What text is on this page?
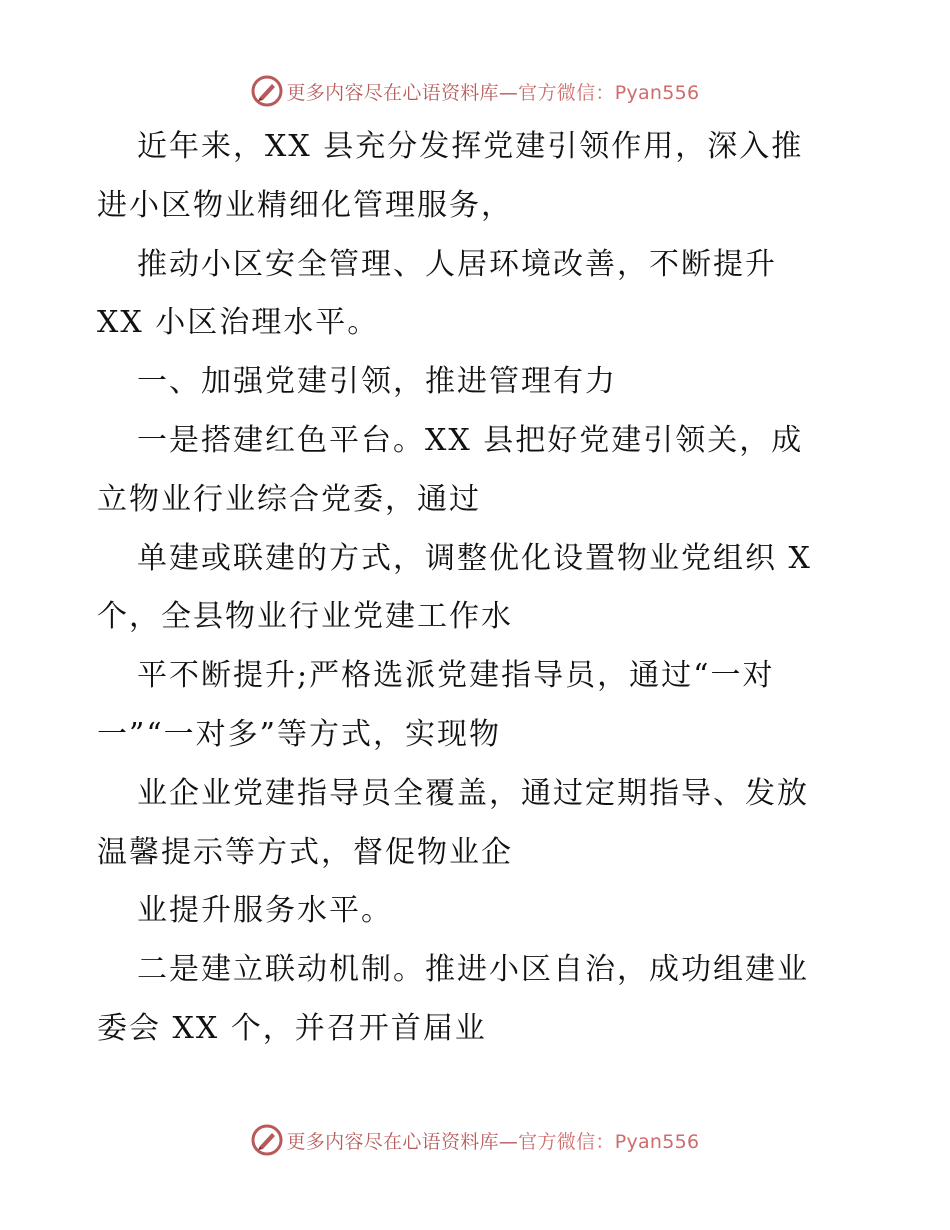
更多内容尽在心语资料库—官方微信：Pyan556
近年来，XX 县充分发挥党建引领作用，深入推
进小区物业精细化管理服务，
推动小区安全管理、人居环境改善，不断提升
XX 小区治理水平。
一、加强党建引领，推进管理有力
一是搭建红色平台。XX 县把好党建引领关，成
立物业行业综合党委，通过
单建或联建的方式，调整优化设置物业党组织 X
个，全县物业行业党建工作水
平不断提升;严格选派党建指导员，通过“一对
一”“一对多”等方式，实现物
业企业党建指导员全覆盖，通过定期指导、发放
温馨提示等方式，督促物业企
业提升服务水平。
二是建立联动机制。推进小区自治，成功组建业
委会 XX 个，并召开首届业
更多内容尽在心语资料库—官方微信：Pyan556
